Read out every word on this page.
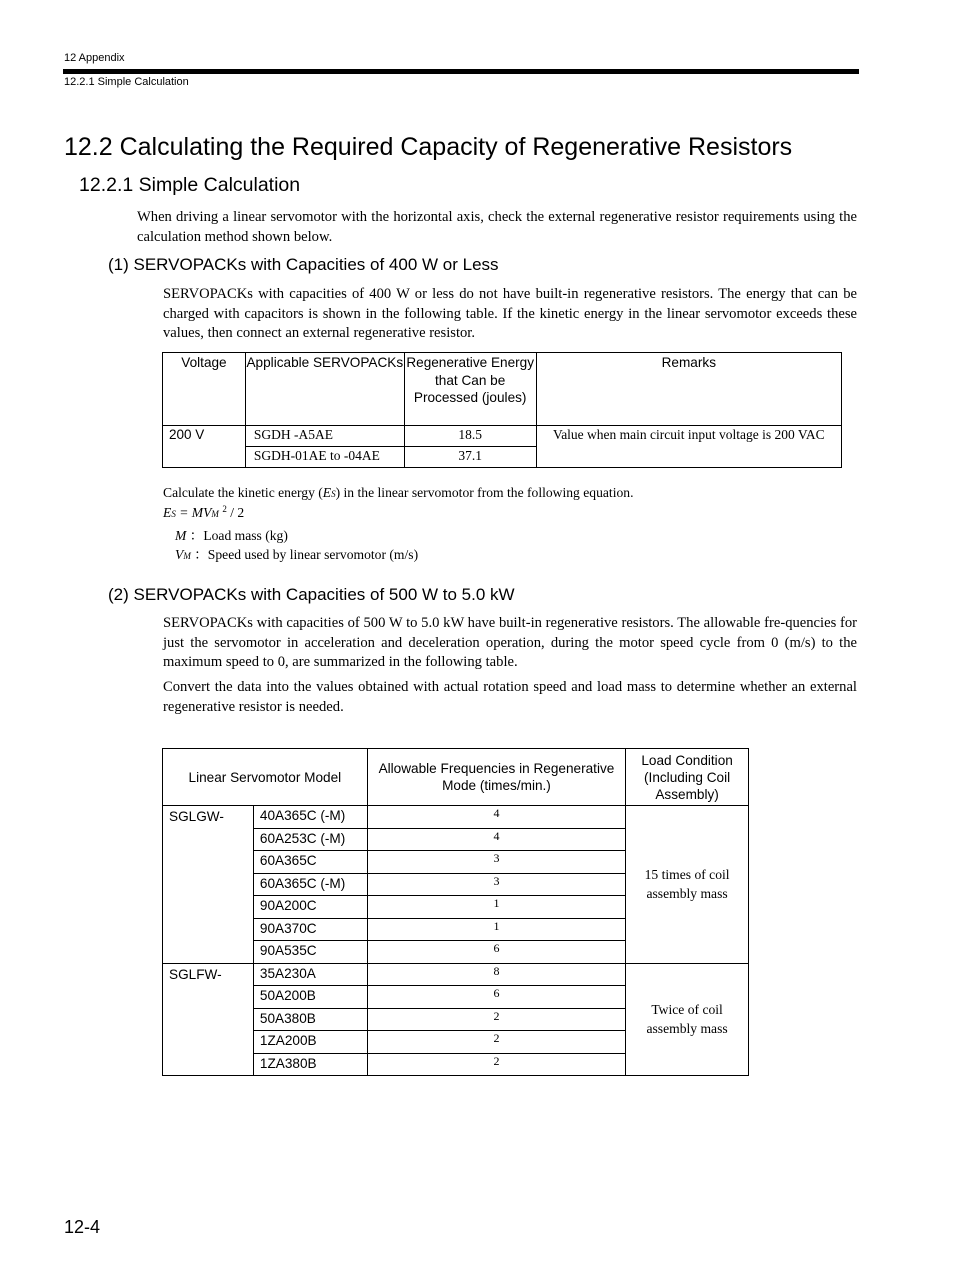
12 Appendix
12.2.1 Simple Calculation
12.2 Calculating the Required Capacity of Regenerative Resistors
12.2.1 Simple Calculation
When driving a linear servomotor with the horizontal axis, check the external regenerative resistor requirements using the calculation method shown below.
(1) SERVOPACKs with Capacities of 400 W or Less
SERVOPACKs with capacities of 400 W or less do not have built-in regenerative resistors. The energy that can be charged with capacitors is shown in the following table. If the kinetic energy in the linear servomotor exceeds these values, then connect an external regenerative resistor.
Voltage	Applicable SERVOPACKs	Regenerative Energy that Can be Processed (joules)	Remarks
200 V	SGDH -A5AE	18.5	Value when main circuit input voltage is 200 VAC
	SGDH-01AE to -04AE	37.1	
Calculate the kinetic energy (ES) in the linear servomotor from the following equation.
ES = MVM $^2$ / 2
M ：Load mass (kg)
VM ：Speed used by linear servomotor (m/s)
(2) SERVOPACKs with Capacities of 500 W to 5.0 kW
SERVOPACKs with capacities of 500 W to 5.0 kW have built-in regenerative resistors. The allowable fre-quencies for just the servomotor in acceleration and deceleration operation, during the motor speed cycle from 0 (m/s) to the maximum speed to 0, are summarized in the following table.
Convert the data into the values obtained with actual rotation speed and load mass to determine whether an external regenerative resistor is needed.
Linear Servomotor Model		Allowable Frequencies in Regenerative Mode (times/min.)	Load Condition (Including Coil Assembly)
SGLGW-	40A365C (-M)	4	15 times of coil assembly mass
	60A253C (-M)	4	
	60A365C	3	
	60A365C (-M)	3	
	90A200C	1	
	90A370C	1	
	90A535C	6	
SGLFW-	35A230A	8	Twice of coil assembly mass
	50A200B	6	
	50A380B	2	
	1ZA200B	2	
	1ZA380B	2	
12-4
